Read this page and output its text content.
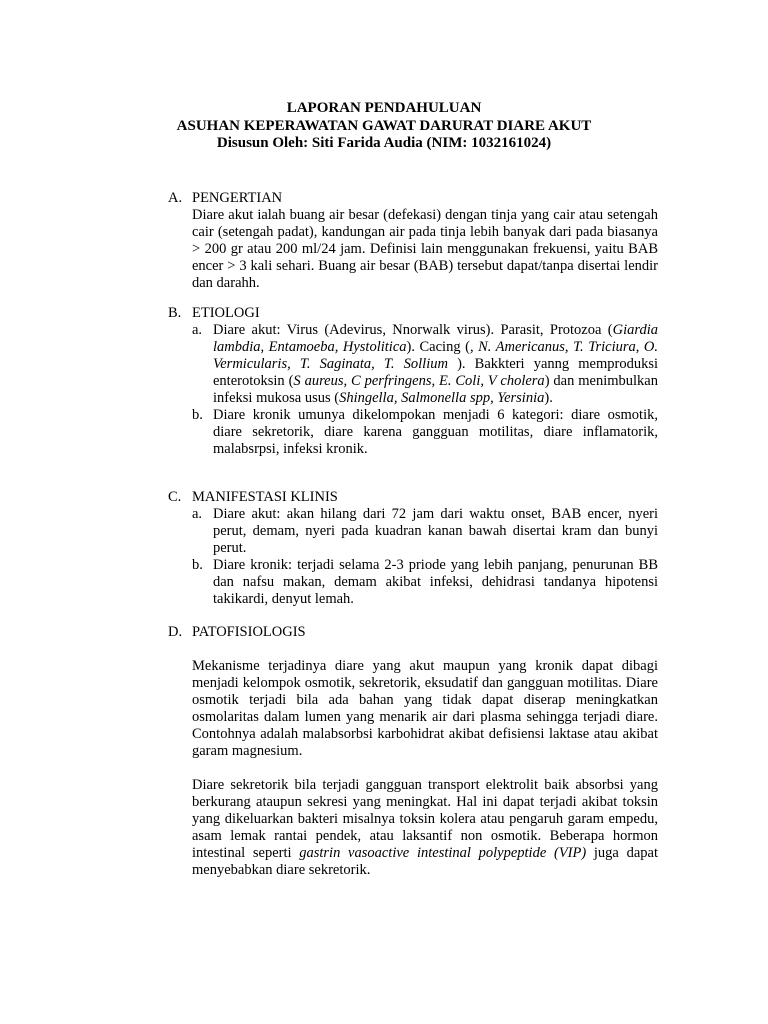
LAPORAN PENDAHULUAN
ASUHAN KEPERAWATAN GAWAT DARURAT DIARE AKUT
Disusun Oleh: Siti Farida Audia (NIM: 1032161024)
A. PENGERTIAN
Diare akut ialah buang air besar (defekasi) dengan tinja yang cair atau setengah cair (setengah padat), kandungan air pada tinja lebih banyak dari pada biasanya > 200 gr atau 200 ml/24 jam. Definisi lain menggunakan frekuensi, yaitu BAB encer > 3 kali sehari. Buang air besar (BAB) tersebut dapat/tanpa disertai lendir dan darahh.
B. ETIOLOGI
a. Diare akut: Virus (Adevirus, Nnorwalk virus). Parasit, Protozoa (Giardia lambdia, Entamoeba, Hystolitica). Cacing (, N. Americanus, T. Triciura, O. Vermicularis, T. Saginata, T. Sollium ). Bakkteri yanng memproduksi enterotoksin (S aureus, C perfringens, E. Coli, V cholera) dan menimbulkan infeksi mukosa usus (Shingella, Salmonella spp, Yersinia).
b. Diare kronik umunya dikelompokan menjadi 6 kategori: diare osmotik, diare sekretorik, diare karena gangguan motilitas, diare inflamatorik, malabsrpsi, infeksi kronik.
C. MANIFESTASI KLINIS
a. Diare akut: akan hilang dari 72 jam dari waktu onset, BAB encer, nyeri perut, demam, nyeri pada kuadran kanan bawah disertai kram dan bunyi perut.
b. Diare kronik: terjadi selama 2-3 priode yang lebih panjang, penurunan BB dan nafsu makan, demam akibat infeksi, dehidrasi tandanya hipotensi takikardi, denyut lemah.
D. PATOFISIOLOGIS
Mekanisme terjadinya diare yang akut maupun yang kronik dapat dibagi menjadi kelompok osmotik, sekretorik, eksudatif dan gangguan motilitas. Diare osmotik terjadi bila ada bahan yang tidak dapat diserap meningkatkan osmolaritas dalam lumen yang menarik air dari plasma sehingga terjadi diare. Contohnya adalah malabsorbsi karbohidrat akibat defisiensi laktase atau akibat garam magnesium.
Diare sekretorik bila terjadi gangguan transport elektrolit baik absorbsi yang berkurang ataupun sekresi yang meningkat. Hal ini dapat terjadi akibat toksin yang dikeluarkan bakteri misalnya toksin kolera atau pengaruh garam empedu, asam lemak rantai pendek, atau laksantif non osmotik. Beberapa hormon intestinal seperti gastrin vasoactive intestinal polypeptide (VIP) juga dapat menyebabkan diare sekretorik.
